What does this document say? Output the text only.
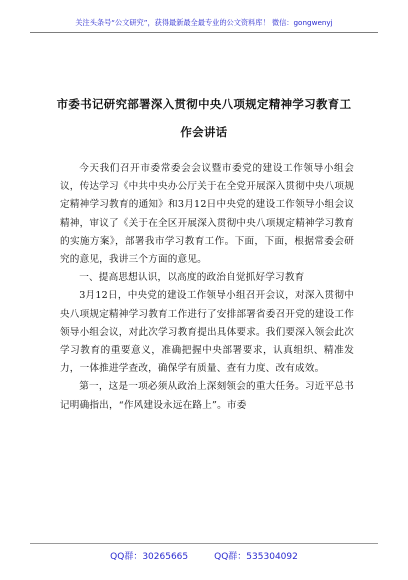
关注头条号“公文研究”，获得最新最全最专业的公文资料库！ 微信：gongwenyj
市委书记研究部署深入贯彻中央八项规定精神学习教育工
作会讲话

今天我们召开市委常委会会议暨市委党的建设工作领导小组会议，传达学习《中共中央办公厅关于在全党开展深入贯彻中央八项规定精神学习教育的通知》和3月12日中央党的建设工作领导小组会议精神，审议了《关于在全区开展深入贯彻中央八项规定精神学习教育的实施方案》，部署我市学习教育工作。下面，下面，根据常委会研究的意见，我讲三个方面的意见。

一、提高思想认识，以高度的政治自觉抓好学习教育

3月12日，中央党的建设工作领导小组召开会议，对深入贯彻中央八项规定精神学习教育工作进行了安排部署省委召开党的建设工作领导小组会议，对此次学习教育提出具体要求。我们要深入领会此次学习教育的重要意义，准确把握中央部署要求，认真组织、精准发力，一体推进学查改，确保学有质量、查有力度、改有成效。

第一，这是一项必须从政治上深刻领会的重大任务。习近平总书记明确指出，“作风建设永远在路上”。市委

QQ群：30265665	QQ群：535304092
